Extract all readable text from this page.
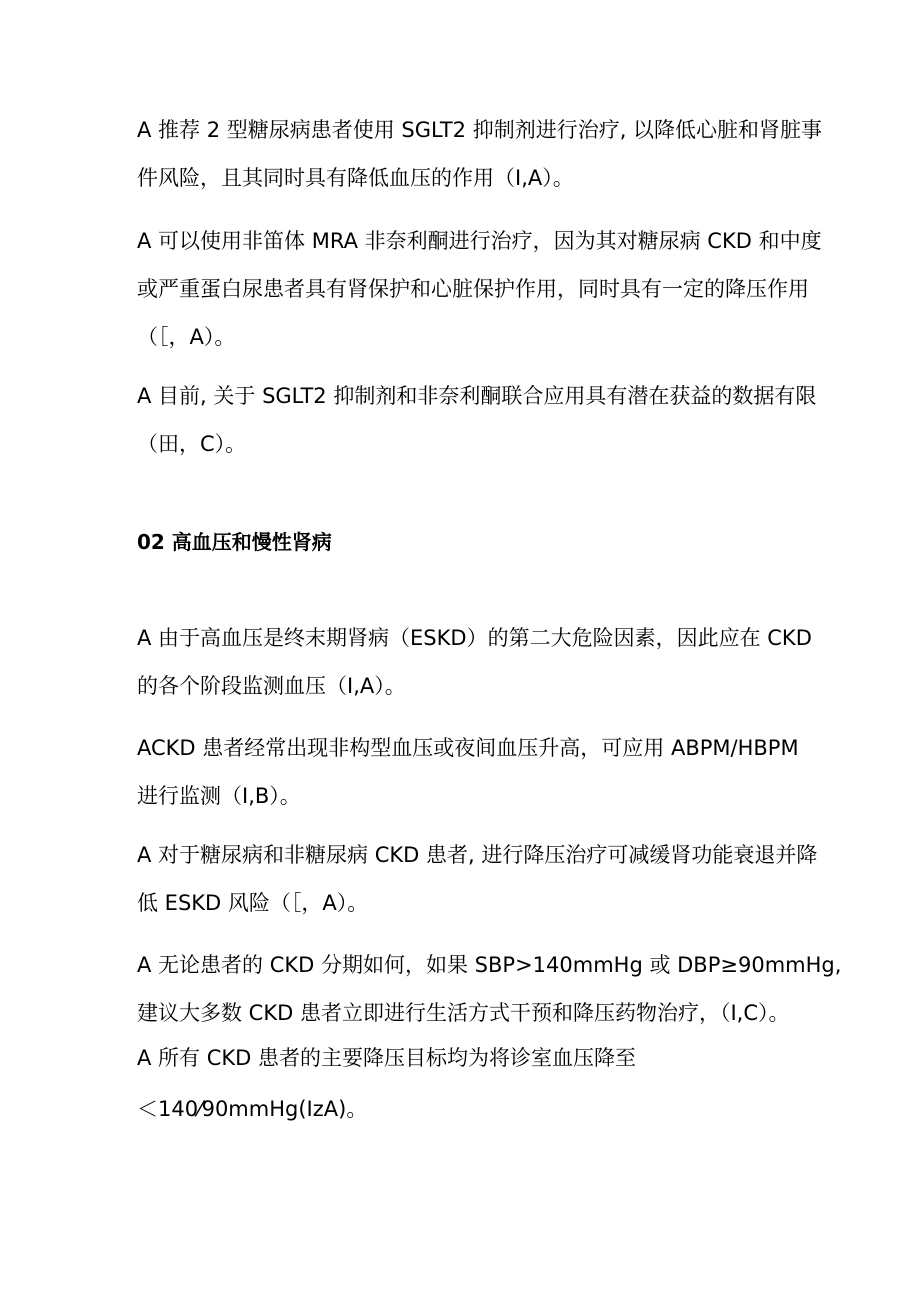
A 推荐 2 型糖尿病患者使用 SGLT2 抑制剂进行治疗, 以降低心脏和肾脏事

件风险，且其同时具有降低血压的作用（I,A）。

A 可以使用非笛体 MRA 非奈利酮进行治疗，因为其对糖尿病 CKD 和中度

或严重蛋白尿患者具有肾保护和心脏保护作用，同时具有一定的降压作用

（［，A）。

A 目前, 关于 SGLT2 抑制剂和非奈利酮联合应用具有潜在获益的数据有限

（田，C）。

02 高血压和慢性肾病

A 由于高血压是终末期肾病（ESKD）的第二大危险因素，因此应在 CKD

的各个阶段监测血压（I,A）。

ACKD 患者经常出现非构型血压或夜间血压升高，可应用 ABPM/HBPM

进行监测（I,B）。

A 对于糖尿病和非糖尿病 CKD 患者, 进行降压治疗可减缓肾功能衰退并降

低 ESKD 风险（［，A）。

A 无论患者的 CKD 分期如何，如果 SBP>140mmHg 或 DBP≥90mmHg,

建议大多数 CKD 患者立即进行生活方式干预和降压药物治疗，（I,C）。

A 所有 CKD 患者的主要降压目标均为将诊室血压降至

＜140⁄90mmHg(IzA)。
